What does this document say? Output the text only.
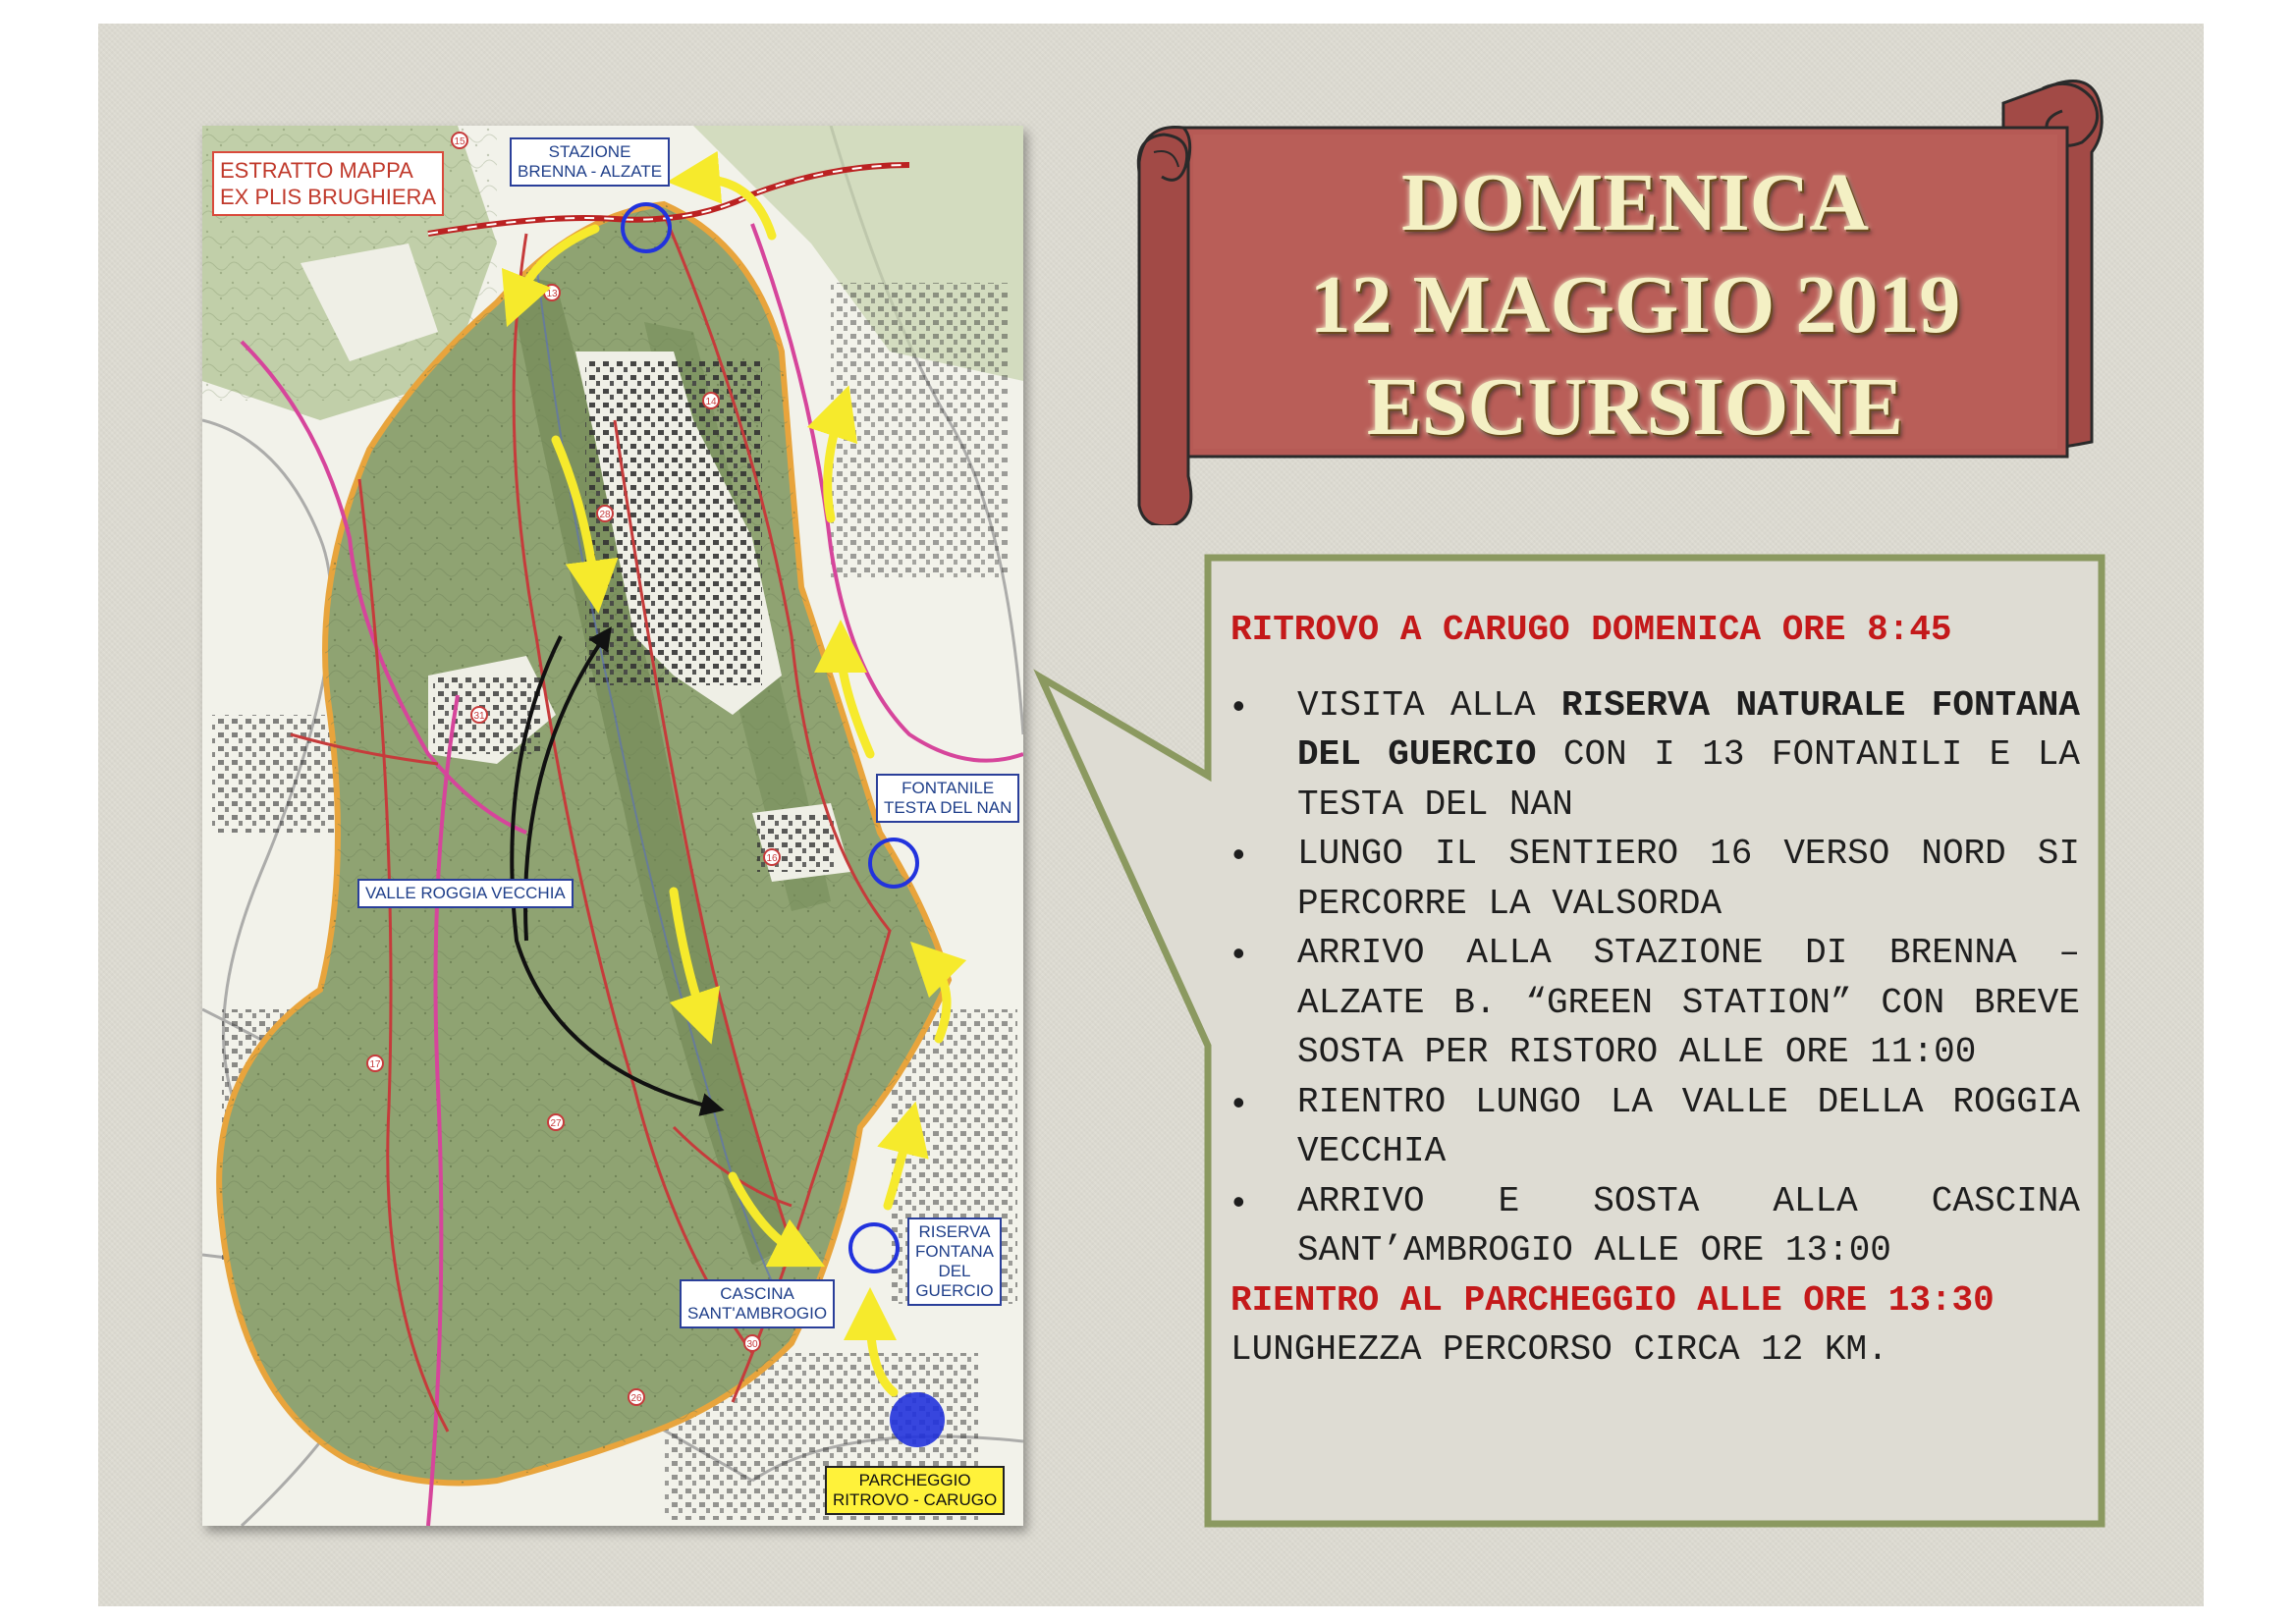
15
13
14
28
31
16
17
27
30
26
ESTRATTO MAPPA
EX PLIS BRUGHIERA
STAZIONE
BRENNA - ALZATE
FONTANILE
TESTA DEL NAN
VALLE ROGGIA VECCHIA
RISERVA
FONTANA
DEL
GUERCIO
CASCINA
SANT'AMBROGIO
PARCHEGGIO
RITROVO - CARUGO
DOMENICA
12 MAGGIO 2019
ESCURSIONE

RITROVO A CARUGO DOMENICA ORE 8:45

• VISITA ALLA RISERVA NATURALE FONTANA DEL GUERCIO CON I 13 FONTANILI E LA TESTA DEL NAN
• LUNGO IL SENTIERO 16 VERSO NORD SI PERCORRE LA VALSORDA
• ARRIVO ALLA STAZIONE DI BRENNA – ALZATE B. “GREEN STATION” CON BREVE SOSTA PER RISTORO ALLE ORE 11:00
• RIENTRO LUNGO LA VALLE DELLA ROGGIA VECCHIA
• ARRIVO E SOSTA ALLA CASCINA SANT’AMBROGIO ALLE ORE 13:00

RIENTRO AL PARCHEGGIO ALLE ORE 13:30

LUNGHEZZA PERCORSO CIRCA 12 KM.
